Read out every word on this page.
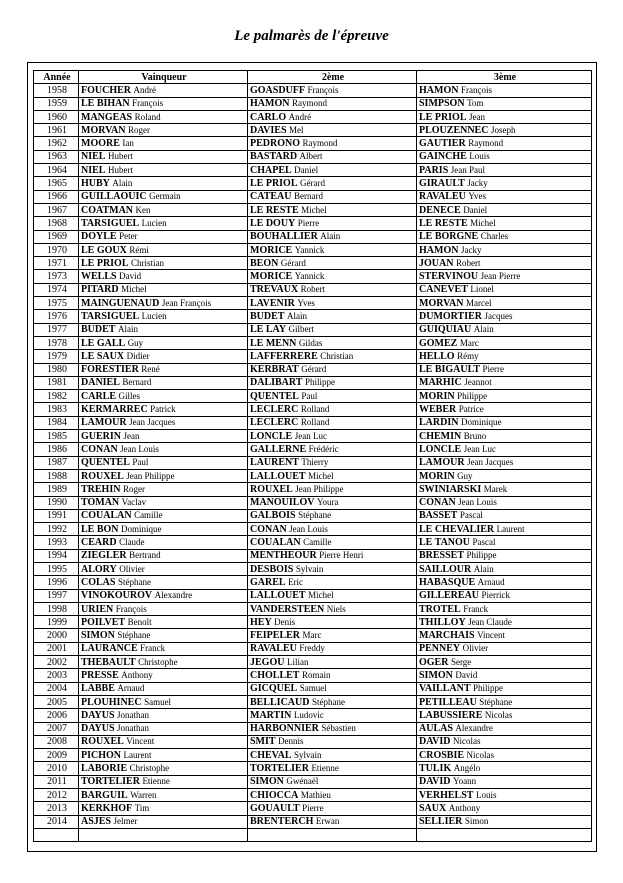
Le palmarès de l'épreuve
Année	Vainqueur	2ème	3ème
1958	FOUCHER André	GOASDUFF François	HAMON François
1959	LE BIHAN François	HAMON Raymond	SIMPSON Tom
1960	MANGEAS Roland	CARLO André	LE PRIOL Jean
1961	MORVAN Roger	DAVIES Mel	PLOUZENNEC Joseph
1962	MOORE Ian	PEDRONO Raymond	GAUTIER Raymond
1963	NIEL Hubert	BASTARD Albert	GAINCHE Louis
1964	NIEL Hubert	CHAPEL Daniel	PARIS Jean Paul
1965	HUBY Alain	LE PRIOL Gérard	GIRAULT Jacky
1966	GUILLAOUIC Germain	CATEAU Bernard	RAVALEU Yves
1967	COATMAN Ken	LE RESTE Michel	DENECE Daniel
1968	TARSIGUEL Lucien	LE DOUY Pierre	LE RESTE Michel
1969	DOYLE Peter	BOUHALLIER Alain	LE BORGNE Charles
1970	LE GOUX Rémi	MORICE Yannick	HAMON Jacky
1971	LE PRIOL Christian	BEON Gérard	JOUAN Robert
1973	WELLS David	MORICE Yannick	STERVINOU Jean Pierre
1974	PITARD Michel	TREVAUX Robert	CANEVET Lionel
1975	MAINGUENAUD Jean François	LAVENIR Yves	MORVAN Marcel
1976	TARSIGUEL Lucien	BUDET Alain	DUMORTIER Jacques
1977	BUDET Alain	LE LAY Gilbert	GUIQUIAU Alain
1978	LE GALL Guy	LE MENN Gildas	GOMEZ Marc
1979	LE SAUX Didier	LAFFERRERE Christian	HELLO Rémy
1980	FORESTIER René	KERBRAT Gérard	LE BIGAULT Pierre
1981	DANIEL Bernard	DALIBART Philippe	MARHIC Jeannot
1982	CARLE Gilles	QUENTEL Paul	MORIN Philippe
1983	KERMARREC Patrick	LECLERC Rolland	WEBER Patrice
1984	LAMOUR Jean Jacques	LECLERC Rolland	LARDIN Dominique
1985	GUERIN Jean	LONCLE Jean Luc	CHEMIN Bruno
1986	CONAN Jean Louis	GALLERNE Frédéric	LONCLE Jean Luc
1987	QUENTEL Paul	LAURENT Thierry	LAMOUR Jean Jacques
1988	ROUXEL Jean Philippe	LALLOUET Michel	MORIN Guy
1989	TREHIN Roger	ROUXEL Jean Philippe	SWINIARSKI Marek
1990	TOMAN Vaclav	MANOUILOV Youra	CONAN Jean Louis
1991	COUALAN Camille	GALBOIS Stéphane	BASSET Pascal
1992	LE BON Dominique	CONAN Jean Louis	LE CHEVALIER Laurent
1993	CEARD Claude	COUALAN Camille	LE TANOU Pascal
1994	ZIEGLER Bertrand	MENTHEOUR Pierre Henri	BRESSET Philippe
1995	ALORY Olivier	DESBOIS Sylvain	SAILLOUR Alain
1996	COLAS Stéphane	GAREL Eric	HABASQUE Arnaud
1997	VINOKOUROV Alexandre	LALLOUET Michel	GILLEREAU Pierrick
1998	URIEN François	VANDERSTEEN Niels	TROTEL Franck
1999	POILVET Benoît	HEY Denis	THILLOY Jean Claude
2000	SIMON Stéphane	FEIPELER Marc	MARCHAIS Vincent
2001	LAURANCE Franck	RAVALEU Freddy	PENNEY Olivier
2002	THEBAULT Christophe	JEGOU Lilian	OGER Serge
2003	PRESSE Anthony	CHOLLET Romain	SIMON David
2004	LABBE Arnaud	GICQUEL Samuel	VAILLANT Philippe
2005	PLOUHINEC Samuel	BELLICAUD Stéphane	PETILLEAU Stéphane
2006	DAYUS Jonathan	MARTIN Ludovic	LABUSSIERE Nicolas
2007	DAYUS Jonathan	HARBONNIER Sébastien	AULAS Alexandre
2008	ROUXEL Vincent	SMIT Dennis	DAVID Nicolas
2009	PICHON Laurent	CHEVAL Sylvain	CROSBIE Nicolas
2010	LABORIE Christophe	TORTELIER Etienne	TULIK Angélo
2011	TORTELIER Etienne	SIMON Gwénaël	DAVID Yoann
2012	BARGUIL Warren	CHIOCCA Mathieu	VERHELST Louis
2013	KERKHOF Tim	GOUAULT Pierre	SAUX Anthony
2014	ASJES Jelmer	BRENTERCH Erwan	SELLIER Simon
